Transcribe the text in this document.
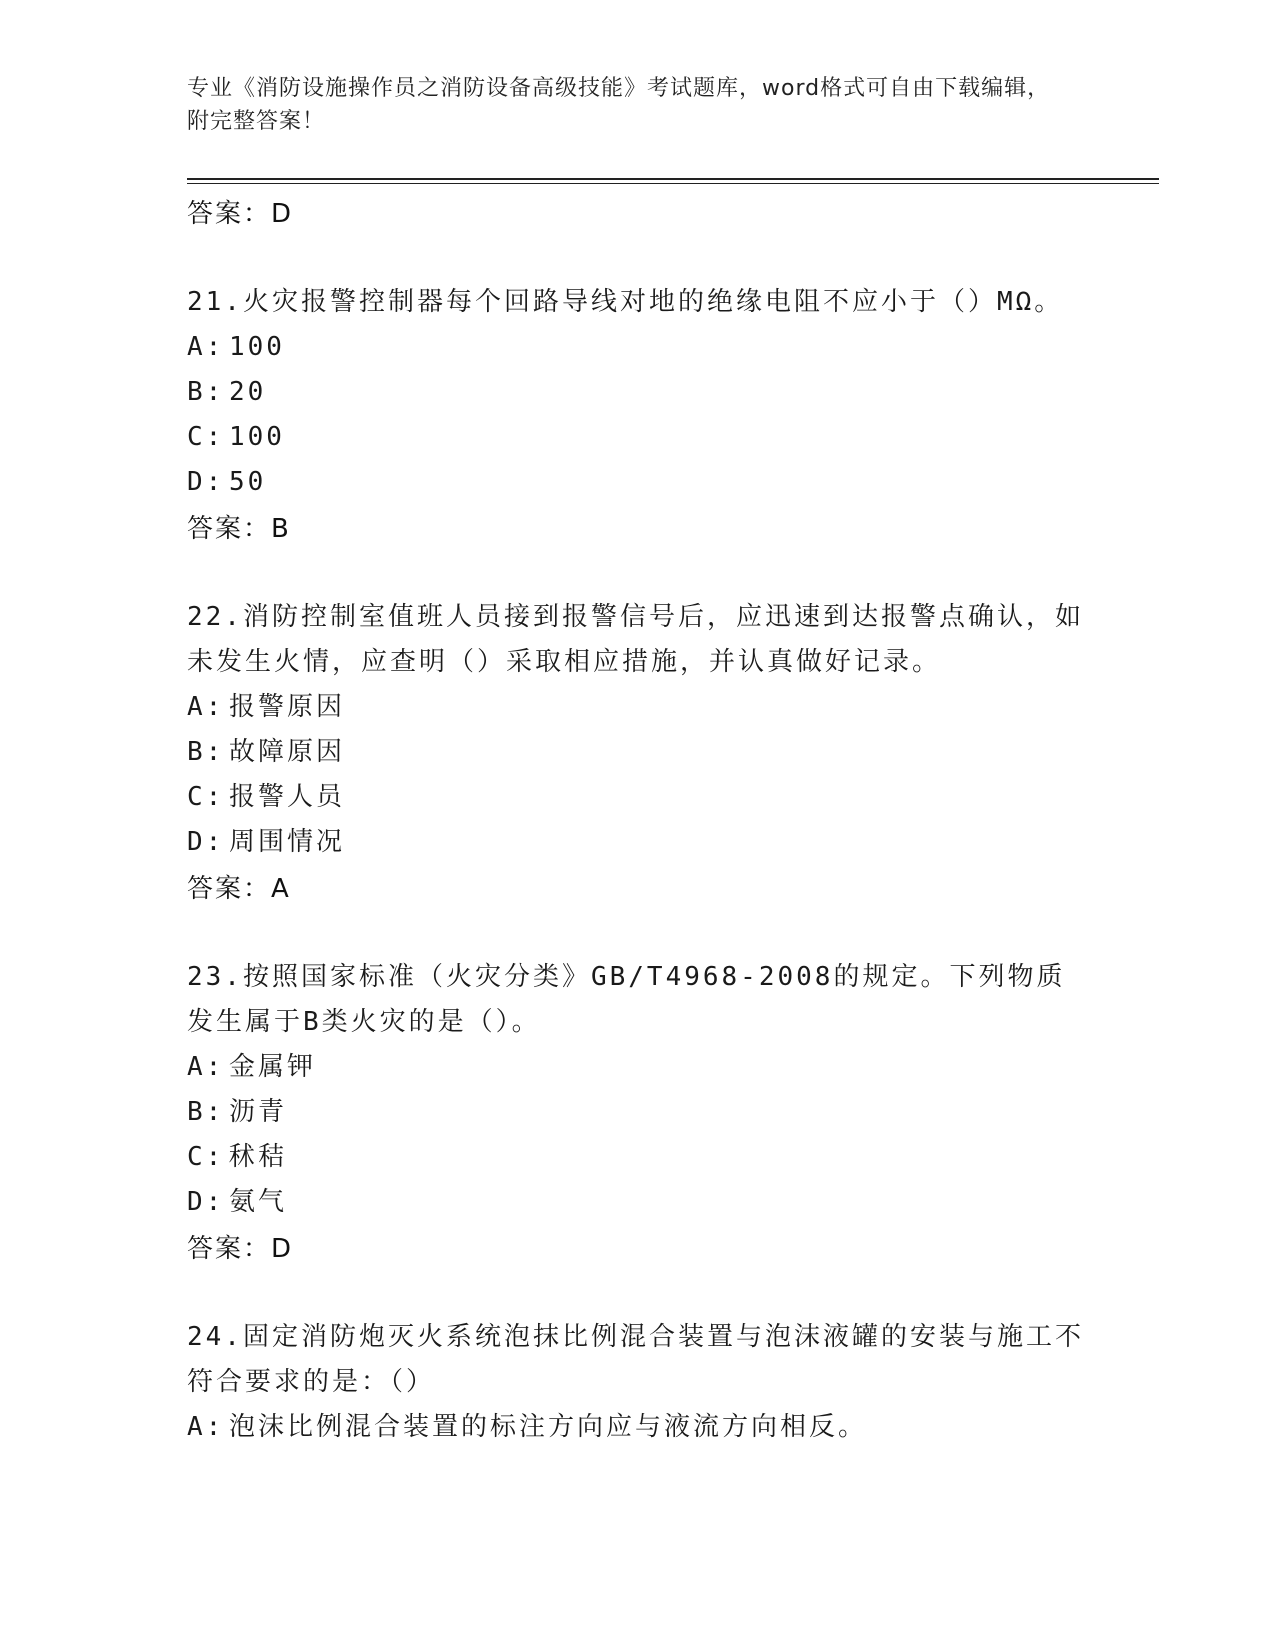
专业《消防设施操作员之消防设备高级技能》考试题库，word格式可自由下载编辑，附完整答案！
答案：D
21.火灾报警控制器每个回路导线对地的绝缘电阻不应小于（）MΩ。
A: 100
B: 20
C: 100
D: 50
答案：B
22.消防控制室值班人员接到报警信号后，应迅速到达报警点确认，如未发生火情，应查明（）采取相应措施，并认真做好记录。
A: 报警原因
B: 故障原因
C: 报警人员
D: 周围情况
答案：A
23.按照国家标准（火灾分类》GB/T4968-2008的规定。下列物质发生属于B类火灾的是（）。
A: 金属钾
B: 沥青
C: 秫秸
D: 氨气
答案：D
24.固定消防炮灭火系统泡抹比例混合装置与泡沫液罐的安装与施工不符合要求的是：（）
A: 泡沫比例混合装置的标注方向应与液流方向相反。
